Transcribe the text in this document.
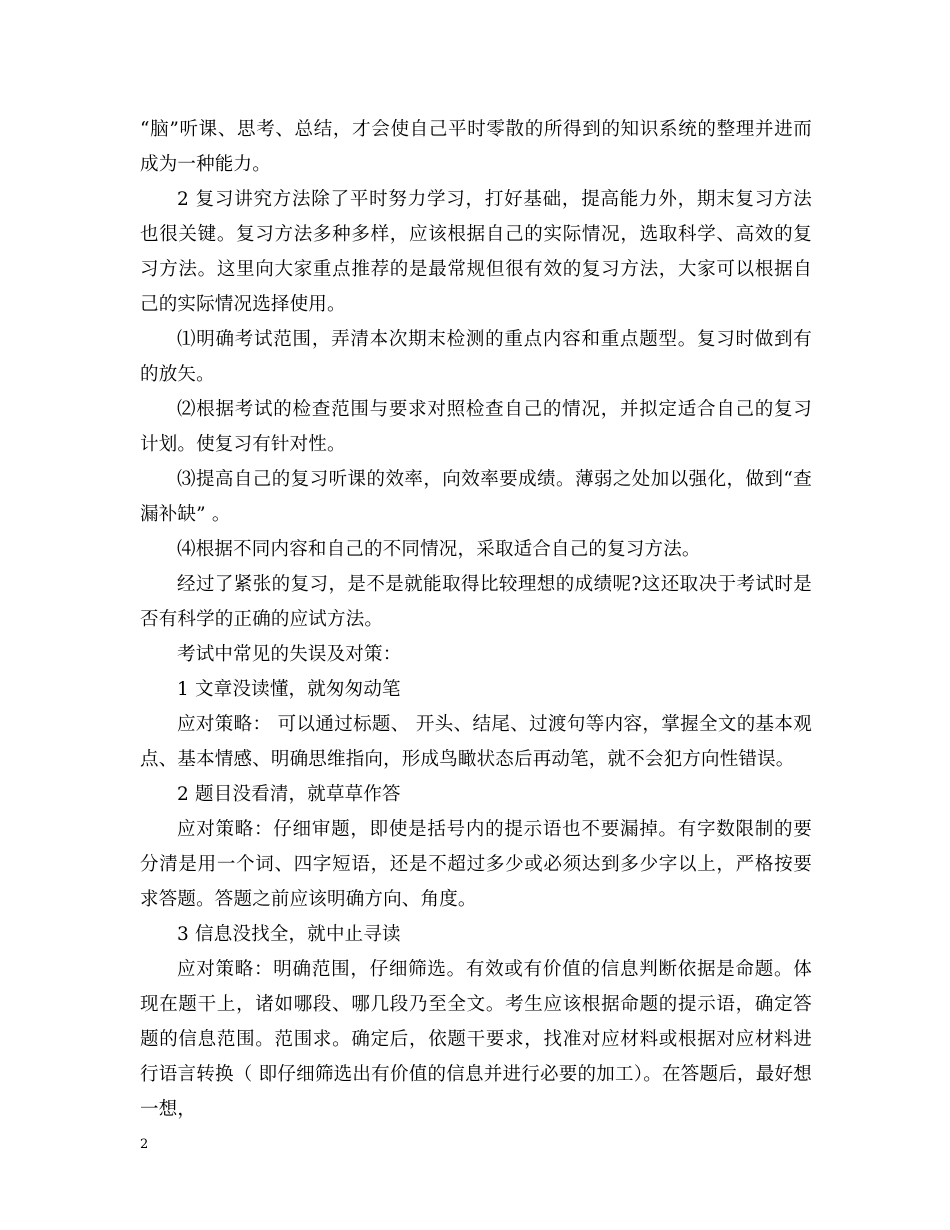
“脑”听课、思考、总结，才会使自己平时零散的所得到的知识系统的整理并进而成为一种能力。

2 复习讲究方法除了平时努力学习，打好基础，提高能力外，期末复习方法也很关键。复习方法多种多样，应该根据自己的实际情况，选取科学、高效的复习方法。这里向大家重点推荐的是最常规但很有效的复习方法，大家可以根据自己的实际情况选择使用。

⑴明确考试范围，弄清本次期末检测的重点内容和重点题型。复习时做到有的放矢。

⑵根据考试的检查范围与要求对照检查自己的情况，并拟定适合自己的复习计划。使复习有针对性。

⑶提高自己的复习听课的效率，向效率要成绩。薄弱之处加以强化，做到“查漏补缺” 。

⑷根据不同内容和自己的不同情况，采取适合自己的复习方法。

经过了紧张的复习，是不是就能取得比较理想的成绩呢?这还取决于考试时是否有科学的正确的应试方法。

考试中常见的失误及对策：

1 文章没读懂，就匆匆动笔

应对策略： 可以通过标题、 开头、结尾、过渡句等内容，掌握全文的基本观点、基本情感、明确思维指向，形成鸟瞰状态后再动笔，就不会犯方向性错误。

2 题目没看清，就草草作答

应对策略：仔细审题，即使是括号内的提示语也不要漏掉。有字数限制的要分清是用一个词、四字短语，还是不超过多少或必须达到多少字以上，严格按要求答题。答题之前应该明确方向、角度。

3 信息没找全，就中止寻读

应对策略：明确范围，仔细筛选。有效或有价值的信息判断依据是命题。体现在题干上，诸如哪段、哪几段乃至全文。考生应该根据命题的提示语，确定答题的信息范围。范围求。确定后，依题干要求，找准对应材料或根据对应材料进行语言转换（ 即仔细筛选出有价值的信息并进行必要的加工）。在答题后，最好想一想，

2
